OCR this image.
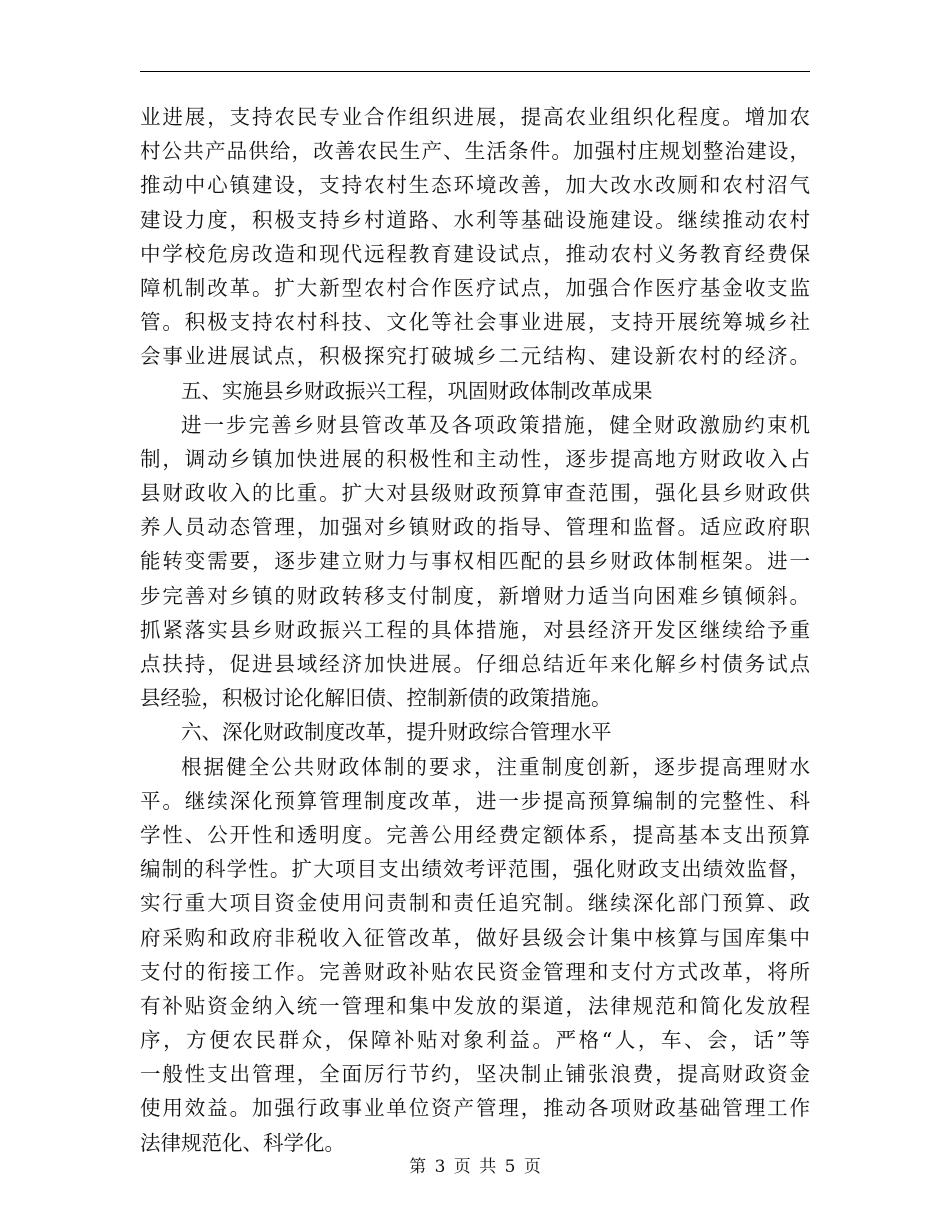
业进展，支持农民专业合作组织进展，提高农业组织化程度。增加农
村公共产品供给，改善农民生产、生活条件。加强村庄规划整治建设，
推动中心镇建设，支持农村生态环境改善，加大改水改厕和农村沼气
建设力度，积极支持乡村道路、水利等基础设施建设。继续推动农村
中学校危房改造和现代远程教育建设试点，推动农村义务教育经费保
障机制改革。扩大新型农村合作医疗试点，加强合作医疗基金收支监
管。积极支持农村科技、文化等社会事业进展，支持开展统筹城乡社
会事业进展试点，积极探究打破城乡二元结构、建设新农村的经济。
五、实施县乡财政振兴工程，巩固财政体制改革成果
进一步完善乡财县管改革及各项政策措施，健全财政激励约束机
制，调动乡镇加快进展的积极性和主动性，逐步提高地方财政收入占
县财政收入的比重。扩大对县级财政预算审查范围，强化县乡财政供
养人员动态管理，加强对乡镇财政的指导、管理和监督。适应政府职
能转变需要，逐步建立财力与事权相匹配的县乡财政体制框架。进一
步完善对乡镇的财政转移支付制度，新增财力适当向困难乡镇倾斜。
抓紧落实县乡财政振兴工程的具体措施，对县经济开发区继续给予重
点扶持，促进县域经济加快进展。仔细总结近年来化解乡村债务试点
县经验，积极讨论化解旧债、控制新债的政策措施。
六、深化财政制度改革，提升财政综合管理水平
根据健全公共财政体制的要求，注重制度创新，逐步提高理财水
平。继续深化预算管理制度改革，进一步提高预算编制的完整性、科
学性、公开性和透明度。完善公用经费定额体系，提高基本支出预算
编制的科学性。扩大项目支出绩效考评范围，强化财政支出绩效监督，
实行重大项目资金使用问责制和责任追究制。继续深化部门预算、政
府采购和政府非税收入征管改革，做好县级会计集中核算与国库集中
支付的衔接工作。完善财政补贴农民资金管理和支付方式改革，将所
有补贴资金纳入统一管理和集中发放的渠道，法律规范和简化发放程
序，方便农民群众，保障补贴对象利益。严格“人，车、会，话”等
一般性支出管理，全面厉行节约，坚决制止铺张浪费，提高财政资金
使用效益。加强行政事业单位资产管理，推动各项财政基础管理工作
法律规范化、科学化。
第 3 页 共 5 页
